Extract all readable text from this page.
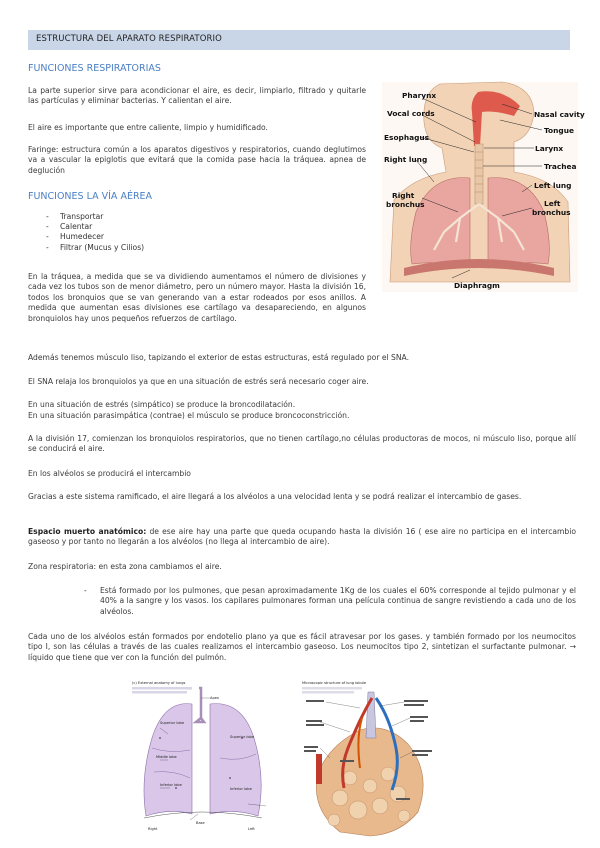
ESTRUCTURA DEL APARATO RESPIRATORIO
FUNCIONES RESPIRATORIAS

La parte superior sirve para acondicionar el aire, es decir, limpiarlo, filtrado y quitarle las partículas y eliminar bacterias. Y calientan el aire.

El aire es importante que entre caliente, limpio y humidificado.

Faringe: estructura común a los aparatos digestivos y respiratorios, cuando deglutimos va a vascular la epiglotis que evitará que la comida pase hacia la tráquea. apnea de deglución

FUNCIONES LA VÍA AÉREA
- Transportar
- Calentar
- Humedecer
- Filtrar (Mucus y Cilios)

En la tráquea, a medida que se va dividiendo aumentamos el número de divisiones y cada vez los tubos son de menor diámetro, pero un número mayor. Hasta la división 16, todos los bronquios que se van generando van a estar rodeados por esos anillos. A medida que aumentan esas divisiones ese cartílago va desapareciendo, en algunos bronquiolos hay unos pequeños refuerzos de cartílago.

Pharynx
Nasal cavity
Vocal cords
Tongue
Esophagus
Larynx
Trachea
Right lung
Left lung
Right bronchus	Left bronchus
Diaphragm

Además tenemos músculo liso, tapizando el exterior de estas estructuras, está regulado por el SNA.

El SNA relaja los bronquiolos ya que en una situación de estrés será necesario coger aire.

En una situación de estrés (simpático) se produce la broncodilatación.

En una situación parasimpática (contrae) el músculo se produce broncoconstricción.

A la división 17, comienzan los bronquiolos respiratorios, que no tienen cartílago,no células productoras de mocos, ni músculo liso, porque allí se conducirá el aire.

En los alvéolos se producirá el intercambio

Gracias a este sistema ramificado, el aire llegará a los alvéolos a una velocidad lenta y se podrá realizar el intercambio de gases.

Espacio muerto anatómico: de ese aire hay una parte que queda ocupando hasta la división 16 ( ese aire no participa en el intercambio gaseoso y por tanto no llegarán a los alvéolos (no llega al intercambio de aire).

Zona respiratoria: en esta zona cambiamos el aire.

- Está formado por los pulmones, que pesan aproximadamente 1Kg de los cuales el 60% corresponde al tejido pulmonar y el 40% a la sangre y los vasos. los capilares pulmonares forman una película continua de sangre revistiendo a cada uno de los alvéolos.

Cada uno de los alvéolos están formados por endotelio plano ya que es fácil atravesar por los gases. y también formado por los neumocitos tipo I, son las células a través de las cuales realizamos el intercambio gaseoso. Los neumocitos tipo 2, sintetizan el surfactante pulmonar. → líquido que tiene que ver con la función del pulmón.

(c) External anatomy of lungs
Apex
Superior lobe
Superior lobe
Middle lobe
Inferior lobe
Inferior lobe
Base
Right	Left
Microscopic structure of lung lobule
